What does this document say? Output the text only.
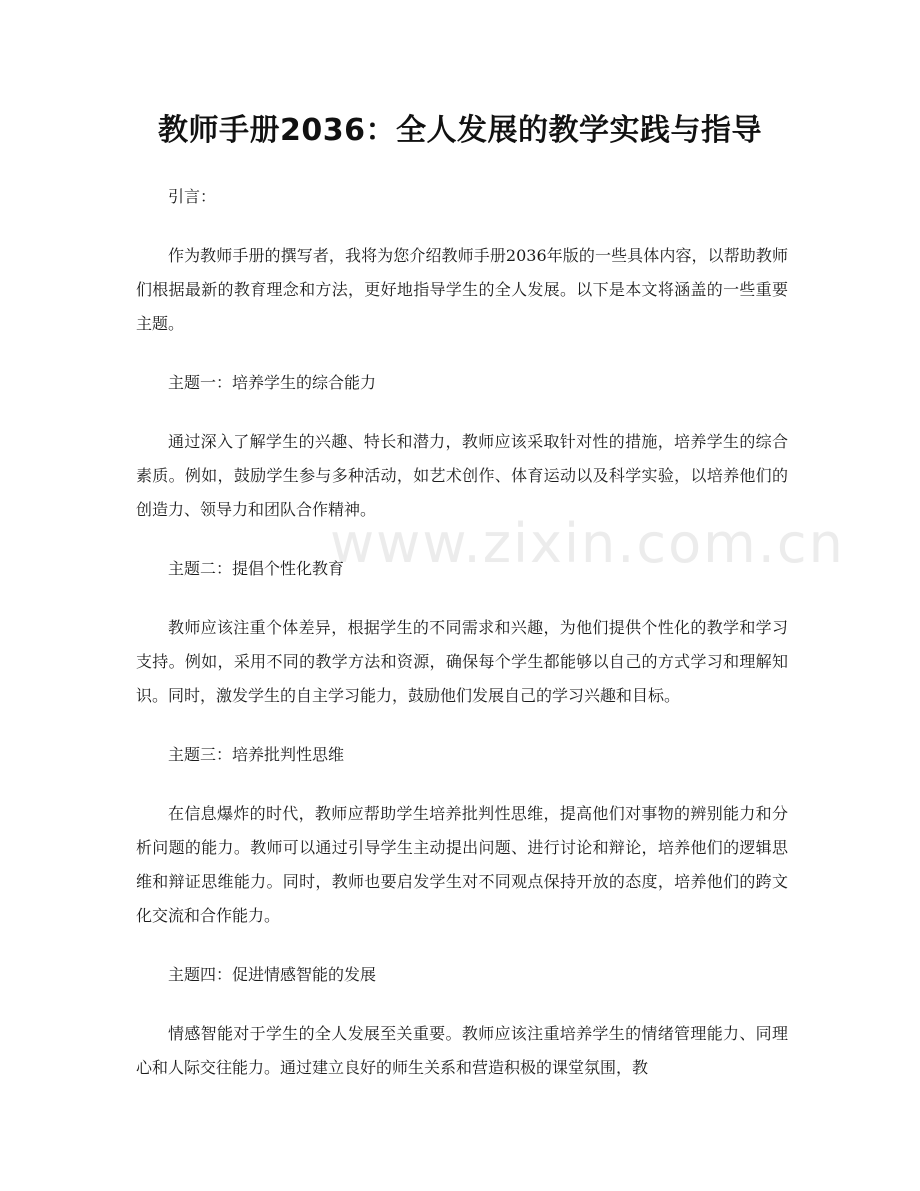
www.zixin.com.cn
教师手册2036：全人发展的教学实践与指导

引言：

作为教师手册的撰写者，我将为您介绍教师手册2036年版的一些具体内容，以帮助教师们根据最新的教育理念和方法，更好地指导学生的全人发展。以下是本文将涵盖的一些重要主题。

主题一：培养学生的综合能力

通过深入了解学生的兴趣、特长和潜力，教师应该采取针对性的措施，培养学生的综合素质。例如，鼓励学生参与多种活动，如艺术创作、体育运动以及科学实验，以培养他们的创造力、领导力和团队合作精神。

主题二：提倡个性化教育

教师应该注重个体差异，根据学生的不同需求和兴趣，为他们提供个性化的教学和学习支持。例如，采用不同的教学方法和资源，确保每个学生都能够以自己的方式学习和理解知识。同时，激发学生的自主学习能力，鼓励他们发展自己的学习兴趣和目标。

主题三：培养批判性思维

在信息爆炸的时代，教师应帮助学生培养批判性思维，提高他们对事物的辨别能力和分析问题的能力。教师可以通过引导学生主动提出问题、进行讨论和辩论，培养他们的逻辑思维和辩证思维能力。同时，教师也要启发学生对不同观点保持开放的态度，培养他们的跨文化交流和合作能力。

主题四：促进情感智能的发展

情感智能对于学生的全人发展至关重要。教师应该注重培养学生的情绪管理能力、同理心和人际交往能力。通过建立良好的师生关系和营造积极的课堂氛围，教
